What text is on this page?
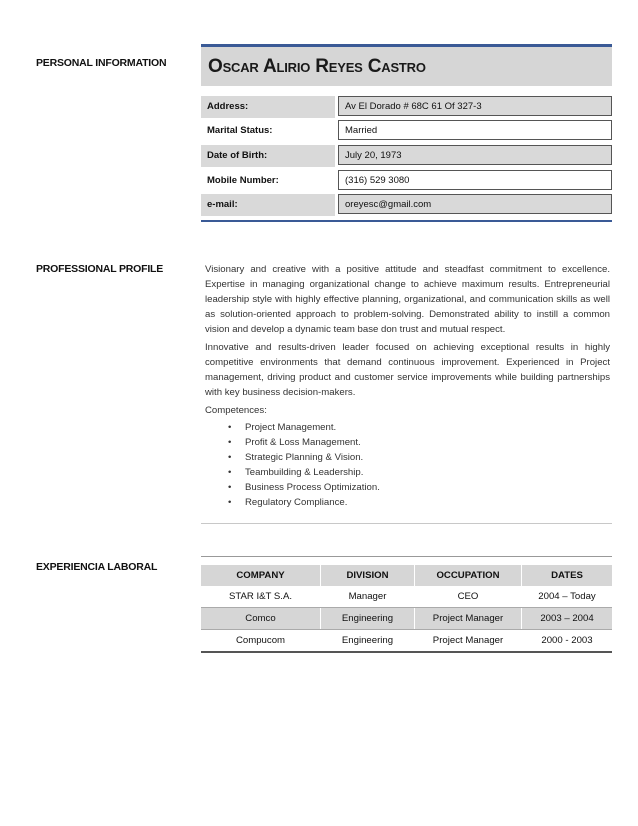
PERSONAL INFORMATION
PROFESSIONAL PROFILE
EXPERIENCIA LABORAL
Oscar Alirio Reyes Castro
Address:	Av El Dorado # 68C 61 Of 327-3
Marital Status:	Married
Date of Birth:	July 20, 1973
Mobile Number:	(316) 529 3080
e-mail:	oreyesc@gmail.com

Visionary and creative with a positive attitude and steadfast commitment to excellence. Expertise in managing organizational change to achieve maximum results. Entrepreneurial leadership style with highly effective planning, organizational, and communication skills as well as solution-oriented approach to problem-solving. Demonstrated ability to instill a common vision and develop a dynamic team base don trust and mutual respect.

Innovative and results-driven leader focused on achieving exceptional results in highly competitive environments that demand continuous improvement. Experienced in Project management, driving product and customer service improvements while building partnerships with key business decision-makers.

Competences:
• Project Management.
• Profit & Loss Management.
• Strategic Planning & Vision.
• Teambuilding & Leadership.
• Business Process Optimization.
• Regulatory Compliance.
COMPANY	DIVISION	OCCUPATION	DATES
STAR I&T S.A.	Manager	CEO	2004 – Today
Comco	Engineering	Project Manager	2003 – 2004
Compucom	Engineering	Project Manager	2000 - 2003
